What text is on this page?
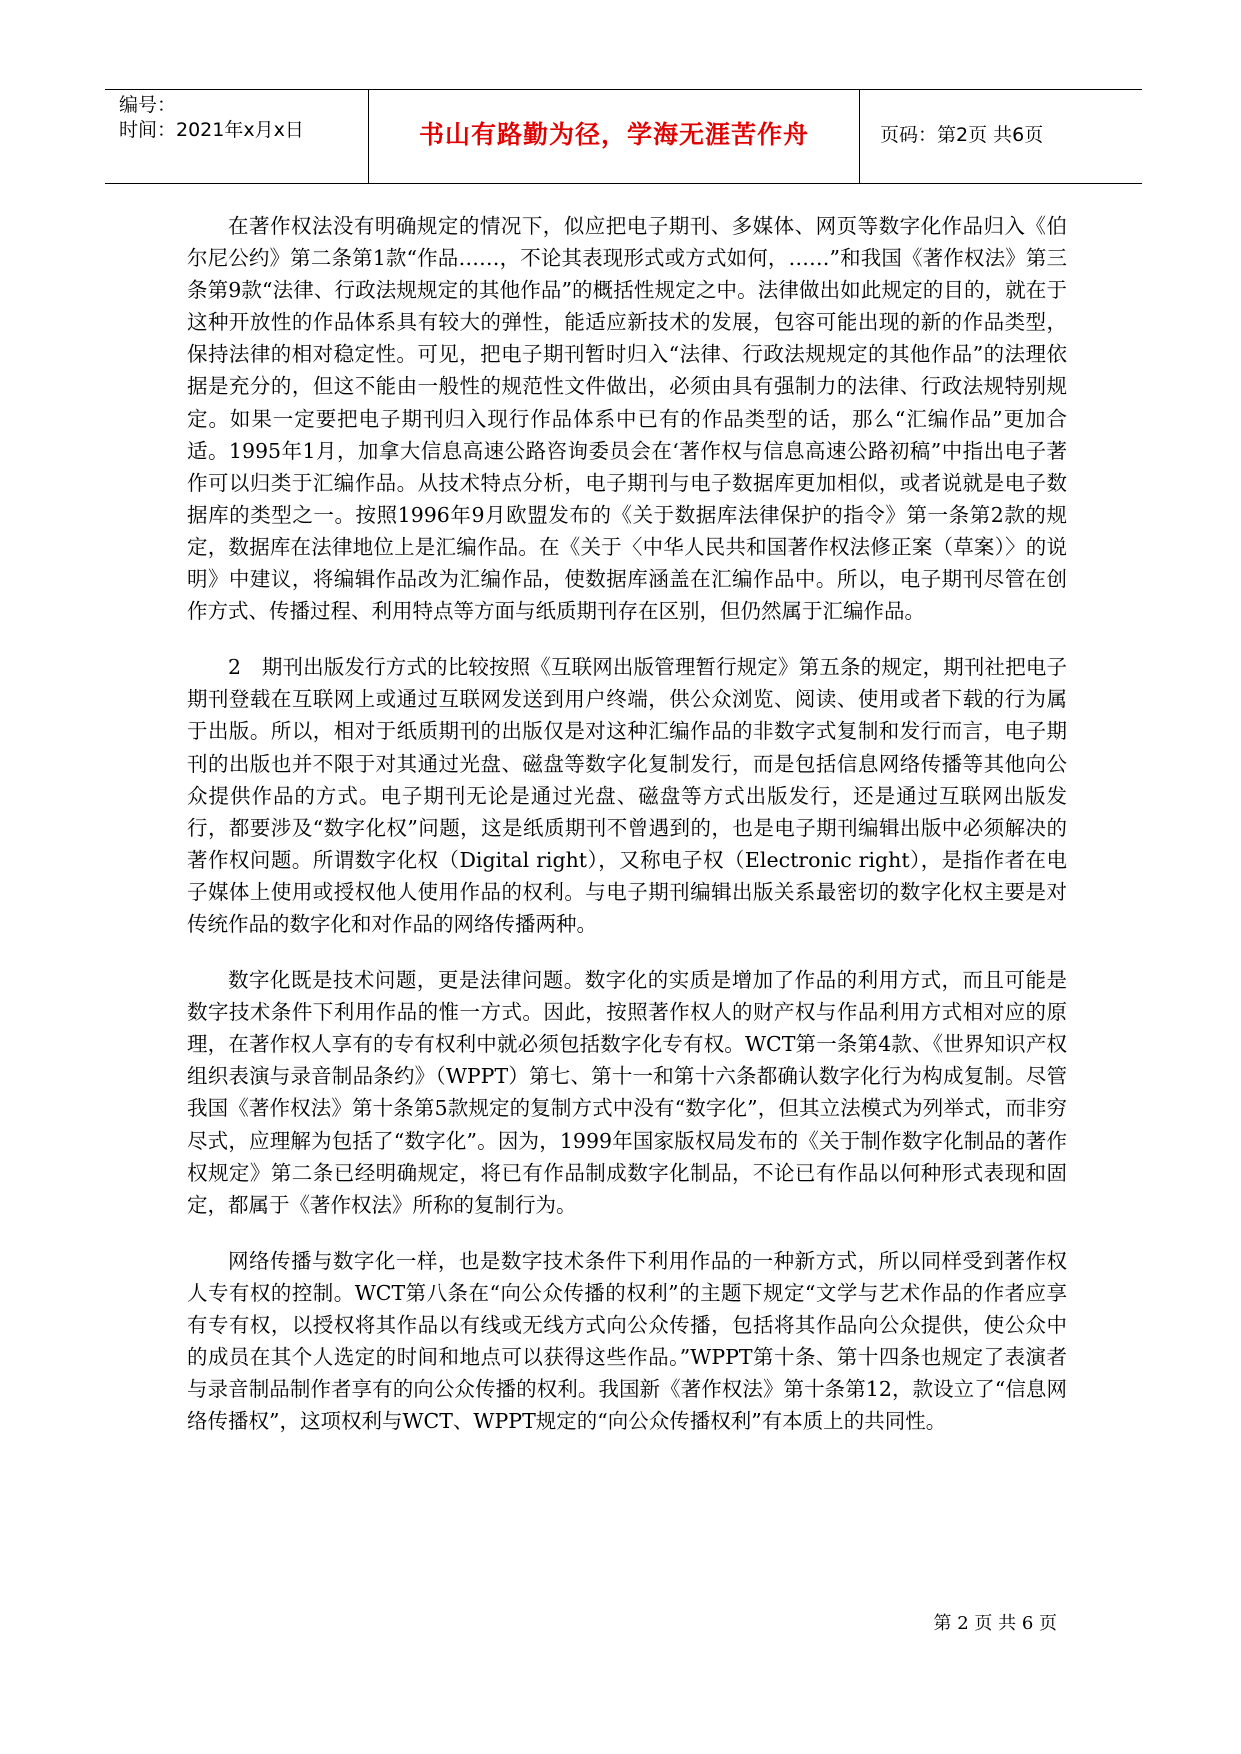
编号：
时间：2021年x月x日	书山有路勤为径，学海无涯苦作舟	页码：第2页 共6页

在著作权法没有明确规定的情况下，似应把电子期刊、多媒体、网页等数字化作品归入《伯尔尼公约》第二条第1款“作品……，不论其表现形式或方式如何，……”和我国《著作权法》第三条第9款“法律、行政法规规定的其他作品”的概括性规定之中。法律做出如此规定的目的，就在于这种开放性的作品体系具有较大的弹性，能适应新技术的发展，包容可能出现的新的作品类型，保持法律的相对稳定性。可见，把电子期刊暂时归入“法律、行政法规规定的其他作品”的法理依据是充分的，但这不能由一般性的规范性文件做出，必须由具有强制力的法律、行政法规特别规定。如果一定要把电子期刊归入现行作品体系中已有的作品类型的话，那么“汇编作品”更加合适。1995年1月，加拿大信息高速公路咨询委员会在‘著作权与信息高速公路初稿”中指出电子著作可以归类于汇编作品。从技术特点分析，电子期刊与电子数据库更加相似，或者说就是电子数据库的类型之一。按照1996年9月欧盟发布的《关于数据库法律保护的指令》第一条第2款的规定，数据库在法律地位上是汇编作品。在《关于〈中华人民共和国著作权法修正案（草案）〉的说明》中建议，将编辑作品改为汇编作品，使数据库涵盖在汇编作品中。所以，电子期刊尽管在创作方式、传播过程、利用特点等方面与纸质期刊存在区别，但仍然属于汇编作品。

2　期刊出版发行方式的比较按照《互联网出版管理暂行规定》第五条的规定，期刊社把电子期刊登载在互联网上或通过互联网发送到用户终端，供公众浏览、阅读、使用或者下载的行为属于出版。所以，相对于纸质期刊的出版仅是对这种汇编作品的非数字式复制和发行而言，电子期刊的出版也并不限于对其通过光盘、磁盘等数字化复制发行，而是包括信息网络传播等其他向公众提供作品的方式。电子期刊无论是通过光盘、磁盘等方式出版发行，还是通过互联网出版发行，都要涉及“数字化权”问题，这是纸质期刊不曾遇到的，也是电子期刊编辑出版中必须解决的著作权问题。所谓数字化权（Digital right），又称电子权（Electronic right），是指作者在电子媒体上使用或授权他人使用作品的权利。与电子期刊编辑出版关系最密切的数字化权主要是对传统作品的数字化和对作品的网络传播两种。

数字化既是技术问题，更是法律问题。数字化的实质是增加了作品的利用方式，而且可能是数字技术条件下利用作品的惟一方式。因此，按照著作权人的财产权与作品利用方式相对应的原理，在著作权人享有的专有权利中就必须包括数字化专有权。WCT第一条第4款、《世界知识产权组织表演与录音制品条约》（WPPT）第七、第十一和第十六条都确认数字化行为构成复制。尽管我国《著作权法》第十条第5款规定的复制方式中没有“数字化”，但其立法模式为列举式，而非穷尽式，应理解为包括了“数字化”。因为，1999年国家版权局发布的《关于制作数字化制品的著作权规定》第二条已经明确规定，将已有作品制成数字化制品，不论已有作品以何种形式表现和固定，都属于《著作权法》所称的复制行为。

网络传播与数字化一样，也是数字技术条件下利用作品的一种新方式，所以同样受到著作权人专有权的控制。WCT第八条在“向公众传播的权利”的主题下规定“文学与艺术作品的作者应享有专有权，以授权将其作品以有线或无线方式向公众传播，包括将其作品向公众提供，使公众中的成员在其个人选定的时间和地点可以获得这些作品。”WPPT第十条、第十四条也规定了表演者与录音制品制作者享有的向公众传播的权利。我国新《著作权法》第十条第12，款设立了“信息网络传播权”，这项权利与WCT、WPPT规定的“向公众传播权利”有本质上的共同性。

第 2 页 共 6 页
